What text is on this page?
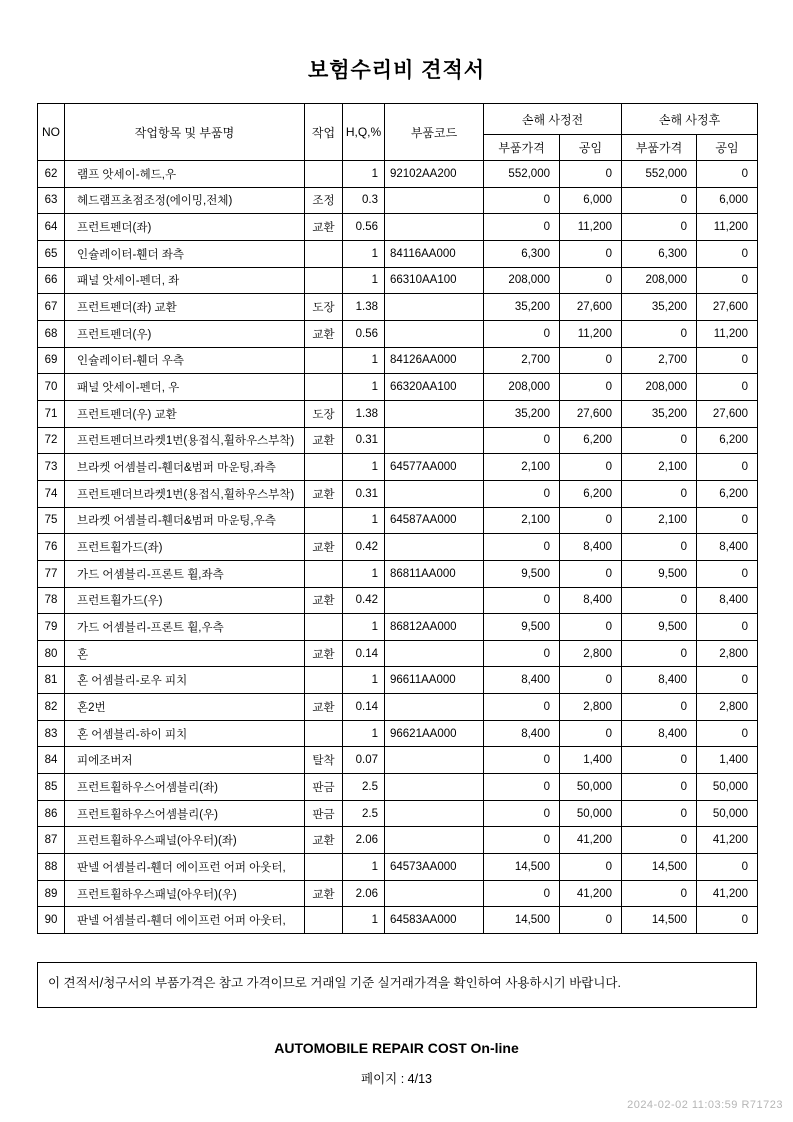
보험수리비 견적서
NO	작업항목 및 부품명	작업	H,Q,%	부품코드	손해 사정전		손해 사정후	
					부품가격	공임	부품가격	공임
62	램프 앗세이-헤드,우		1	92102AA200	552,000	0	552,000	0
63	헤드램프초점조정(에이밍,전체)	조정	0.3		0	6,000	0	6,000
64	프런트펜더(좌)	교환	0.56		0	11,200	0	11,200
65	인슐레이터-휀더 좌측		1	84116AA000	6,300	0	6,300	0
66	패널 앗세이-펜더, 좌		1	66310AA100	208,000	0	208,000	0
67	프런트펜더(좌) 교환	도장	1.38		35,200	27,600	35,200	27,600
68	프런트펜더(우)	교환	0.56		0	11,200	0	11,200
69	인슐레이터-휀더 우측		1	84126AA000	2,700	0	2,700	0
70	패널 앗세이-펜더, 우		1	66320AA100	208,000	0	208,000	0
71	프런트펜더(우) 교환	도장	1.38		35,200	27,600	35,200	27,600
72	프런트펜더브라켓1번(용접식,휠하우스부착)	교환	0.31		0	6,200	0	6,200
73	브라켓 어셈블리-휀더&범퍼 마운팅,좌측		1	64577AA000	2,100	0	2,100	0
74	프런트펜더브라켓1번(용접식,휠하우스부착)	교환	0.31		0	6,200	0	6,200
75	브라켓 어셈블리-휀더&범퍼 마운팅,우측		1	64587AA000	2,100	0	2,100	0
76	프런트휠가드(좌)	교환	0.42		0	8,400	0	8,400
77	가드 어셈블리-프론트 휠,좌측		1	86811AA000	9,500	0	9,500	0
78	프런트휠가드(우)	교환	0.42		0	8,400	0	8,400
79	가드 어셈블리-프론트 휠,우측		1	86812AA000	9,500	0	9,500	0
80	혼	교환	0.14		0	2,800	0	2,800
81	혼 어셈블리-로우 피치		1	96611AA000	8,400	0	8,400	0
82	혼2번	교환	0.14		0	2,800	0	2,800
83	혼 어셈블리-하이 피치		1	96621AA000	8,400	0	8,400	0
84	피에조버저	탈착	0.07		0	1,400	0	1,400
85	프런트휠하우스어셈블리(좌)	판금	2.5		0	50,000	0	50,000
86	프런트휠하우스어셈블리(우)	판금	2.5		0	50,000	0	50,000
87	프런트휠하우스패널(아우터)(좌)	교환	2.06		0	41,200	0	41,200
88	판넬 어셈블리-휀더 에이프런 어퍼 아웃터,		1	64573AA000	14,500	0	14,500	0
89	프런트휠하우스패널(아우터)(우)	교환	2.06		0	41,200	0	41,200
90	판넬 어셈블리-휀더 에이프런 어퍼 아웃터,		1	64583AA000	14,500	0	14,500	0
이 견적서/청구서의 부품가격은 참고 가격이므로 거래일 기준 실거래가격을 확인하여 사용하시기 바랍니다.
AUTOMOBILE REPAIR COST On-line
페이지 : 4/13
2024-02-02 11:03:59 R71723
